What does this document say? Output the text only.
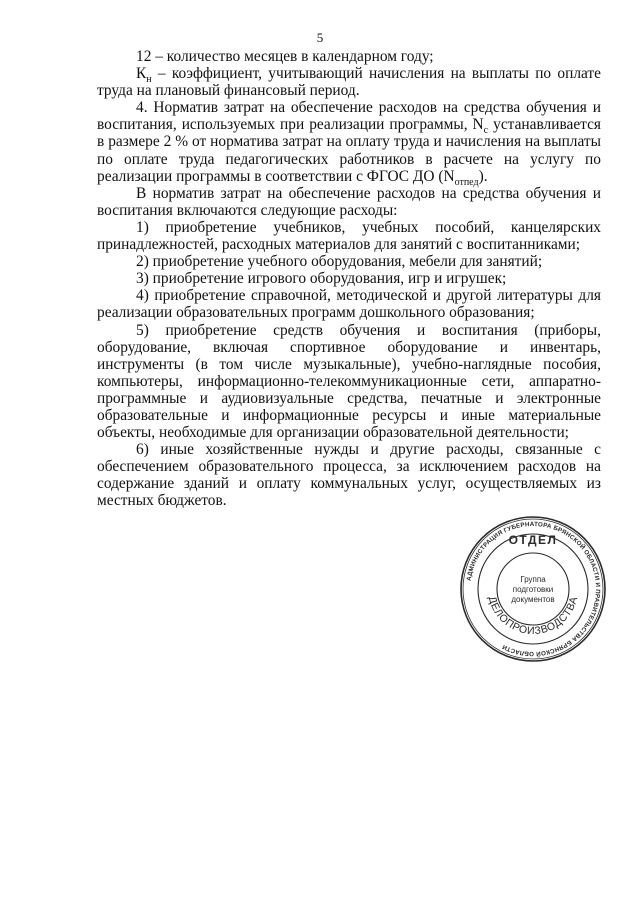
5

12 – количество месяцев в календарном году;

$К_н$ – коэффициент, учитывающий начисления на выплаты по оплате труда на плановый финансовый период.

4. Норматив затрат на обеспечение расходов на средства обучения и воспитания, используемых при реализации программы, $N_c$ устанавливается в размере 2 % от норматива затрат на оплату труда и начисления на выплаты по оплате труда педагогических работников в расчете на услугу по реализации программы в соответствии с ФГОС ДО $(N_{отпед})$.

В норматив затрат на обеспечение расходов на средства обучения и воспитания включаются следующие расходы:

1) приобретение учебников, учебных пособий, канцелярских принадлежностей, расходных материалов для занятий с воспитанниками;

2) приобретение учебного оборудования, мебели для занятий;

3) приобретение игрового оборудования, игр и игрушек;

4) приобретение справочной, методической и другой литературы для реализации образовательных программ дошкольного образования;

5) приобретение средств обучения и воспитания (приборы, оборудование, включая спортивное оборудование и инвентарь, инструменты (в том числе музыкальные), учебно-наглядные пособия, компьютеры, информационно-телекоммуникационные сети, аппаратно-программные и аудиовизуальные средства, печатные и электронные образовательные и информационные ресурсы и иные материальные объекты, необходимые для организации образовательной деятельности;

6) иные хозяйственные нужды и другие расходы, связанные с обеспечением образовательного процесса, за исключением расходов на содержание зданий и оплату коммунальных услуг, осуществляемых из местных бюджетов.

АДМИНИСТРАЦИЯ ГУБЕРНАТОРА БРЯНСКОЙ ОБЛАСТИ И ПРАВИТЕЛЬСТВА БРЯНСКОЙ ОБЛАСТИ
ОТДЕЛ
ДЕЛОПРОИЗВОДСТВА
Группа
подготовки
документов
